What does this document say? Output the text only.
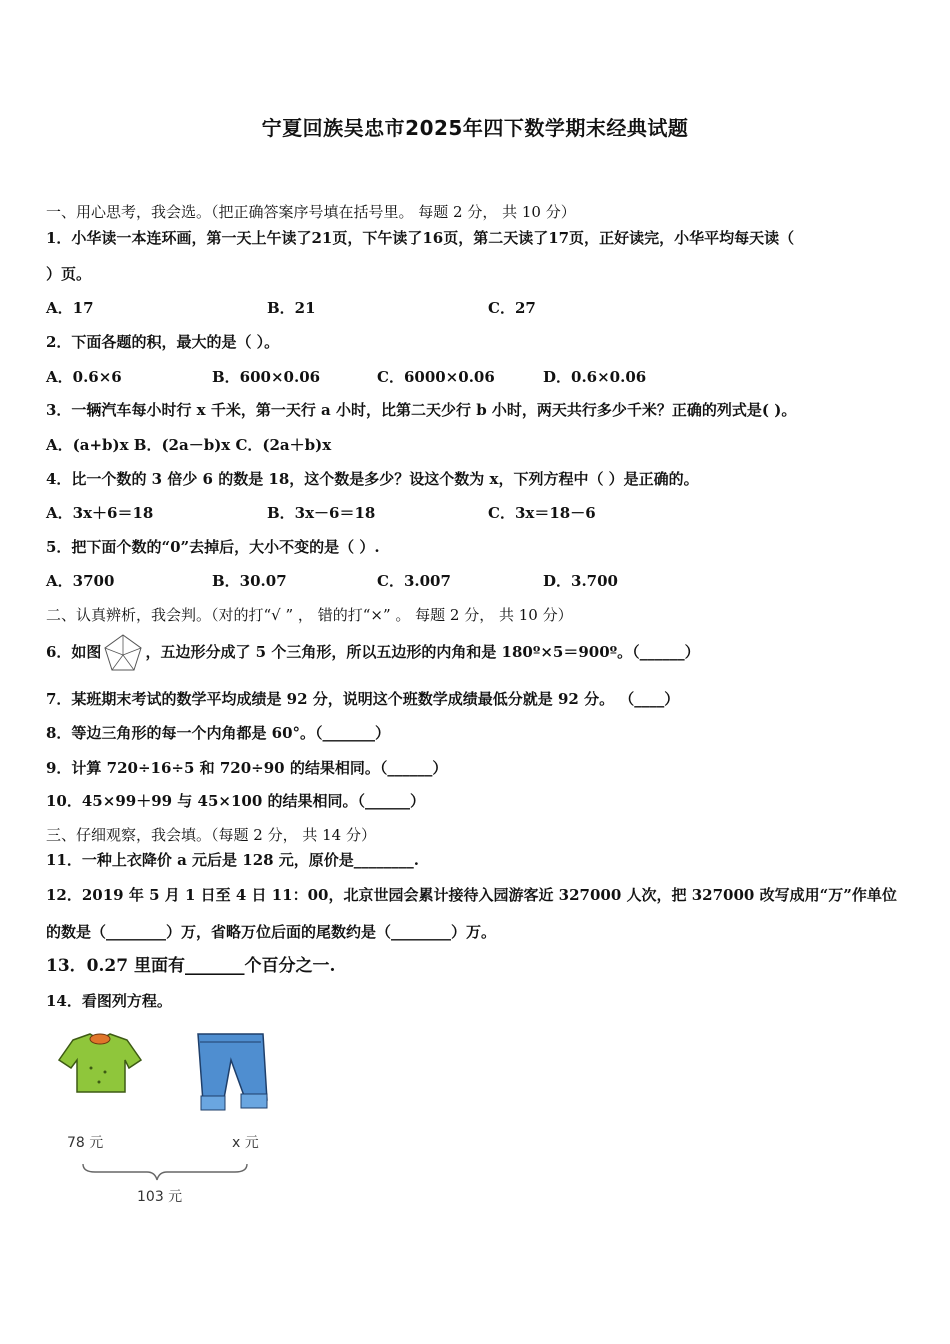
宁夏回族吴忠市2025年四下数学期末经典试题
一、用心思考，我会选。（把正确答案序号填在括号里。 每题 2 分， 共 10 分）
1．小华读一本连环画，第一天上午读了21页，下午读了16页，第二天读了17页，正好读完，小华平均每天读（
）页。
A．17	B．21	C．27
2．下面各题的积，最大的是（ ）。
A．0.6×6	B．600×0.06	C．6000×0.06	D．0.6×0.06
3．一辆汽车每小时行 x 千米，第一天行 a 小时，比第二天少行 b 小时，两天共行多少千米？正确的列式是( )。
A．(a+b)x B．(2a－b)x C．(2a＋b)x
4．比一个数的 3 倍少 6 的数是 18，这个数是多少？设这个数为 x，下列方程中（ ）是正确的。
A．3x＋6＝18	B．3x－6＝18	C．3x＝18－6
5．把下面个数的“0”去掉后，大小不变的是（ ）.
A．3700	B．30.07	C．3.007	D．3.700
二、认真辨析，我会判。（对的打“√ ” ， 错的打“×” 。 每题 2 分， 共 10 分）
6．如图	，五边形分成了 5 个三角形，所以五边形的内角和是 180º×5＝900º。（______）
7．某班期末考试的数学平均成绩是 92 分，说明这个班数学成绩最低分就是 92 分。 （____）
8．等边三角形的每一个内角都是 60°。（_______）
9．计算 720÷16÷5 和 720÷90 的结果相同。（______）
10．45×99＋99 与 45×100 的结果相同。（______）
三、仔细观察，我会填。（每题 2 分， 共 14 分）
11．一种上衣降价 a 元后是 128 元，原价是________.
12．2019 年 5 月 1 日至 4 日 11：00，北京世园会累计接待入园游客近 327000 人次，把 327000 改写成用“万”作单位
的数是（________）万，省略万位后面的尾数约是（________）万。
13．0.27 里面有_______个百分之一.
14．看图列方程。
78 元	x 元
103 元
